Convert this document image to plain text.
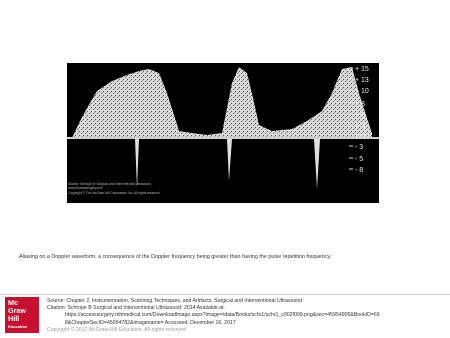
+ 15
+ 13
+ 10
+ 8
+ 5
+ 3
cm/s
- 3
- 5
- 8
Source: Schrope B: Surgical and Interventional Ultrasound
www.accesssurgery.com
Copyright © The McGraw-Hill Companies, Inc. All rights reserved.
Aliasing on a Doppler waveform, a consequence of the Doppler frequency being greater than having the pulse repetition frequency.
Mc
Graw
Hill
Education
Source: Chapter 2. Instrumentation, Scanning Techniques, and Artifacts, Surgical and Interventional Ultrasound
Citation: Schrope B Surgical and Interventional Ultrasound; 2014 Available at:
https://accesssurgery.mhmedical.com/DownloadImage.aspx?image=/data/Books/schr1/schr1_c002f009.png&sec=45954905&BookID=69
8&ChapterSecID=45954782&imagename= Accessed: December 16, 2017
Copyright © 2017 McGraw-Hill Education. All rights reserved
